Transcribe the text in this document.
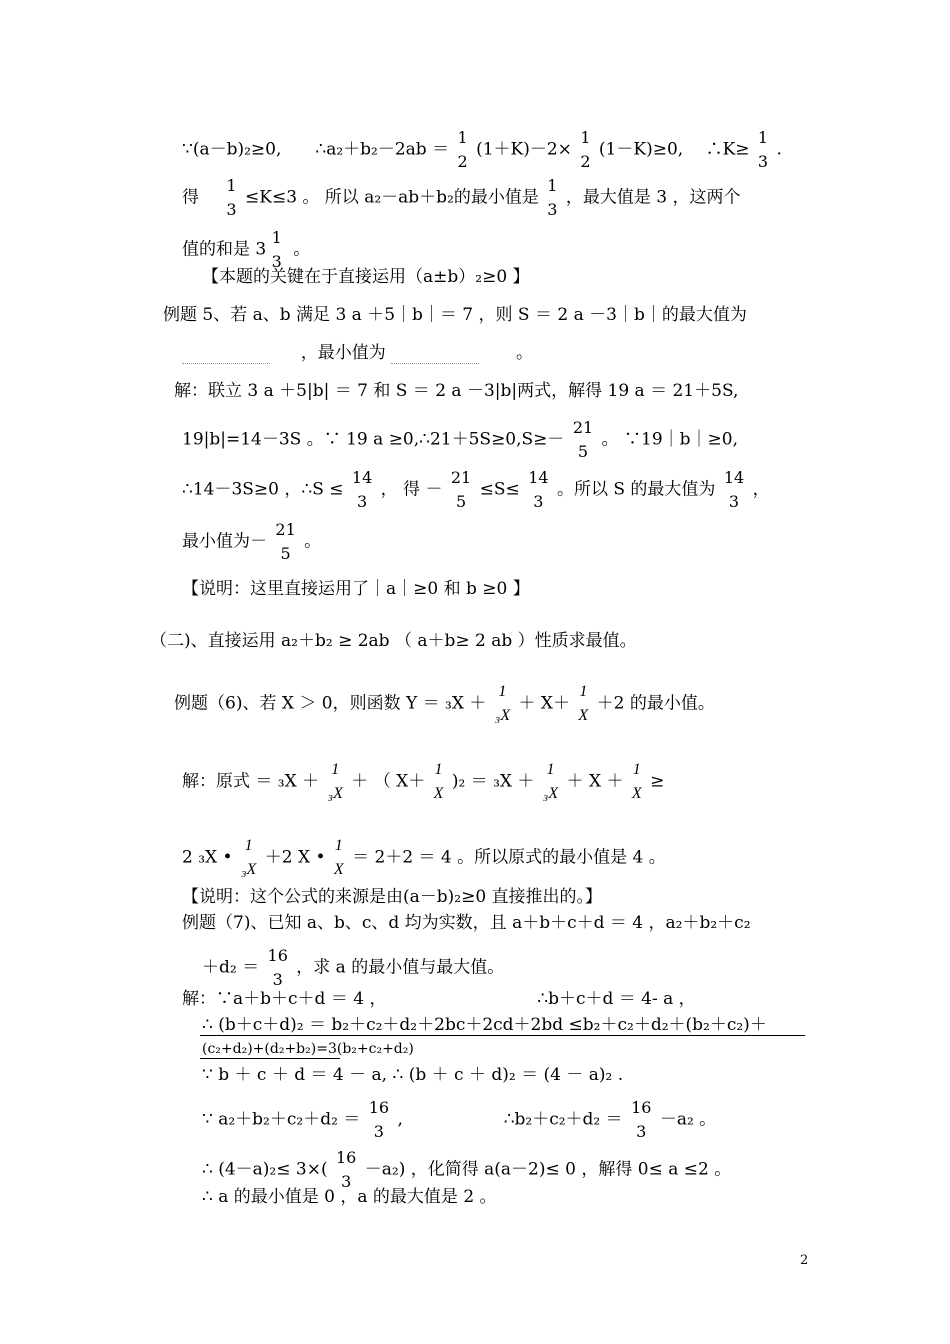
∵(a－b)₂≥0,　　∴a₂＋b₂－2ab ＝
1
2
(1＋K)－2×
1
2
(1－K)≥0,　 ∴K≥
1
3
.
得
1
3
≤K≤3 。 所以 a₂－ab＋b₂的最小值是
1
3
，最大值是 3 ，这两个
值的和是 3
1
3
。
【本题的关键在于直接运用（a±b）₂≥0 】
例题 5、若 a、b 满足 3 a ＋5｜b｜＝ 7 ，则 S ＝ 2 a －3｜b｜的最大值为
，最小值为	。
解：联立 3 a ＋5|b| ＝ 7 和 S ＝ 2 a －3|b|两式，解得 19 a ＝ 21＋5S,
19|b|=14－3S 。∵ 19 a ≥0,∴21＋5S≥0,S≥－
21
5
。 ∵19｜b｜≥0,
∴14－3S≥0 ，∴S ≤
14
3
， 得 －
21
5
≤S≤
14
3
。所以 S 的最大值为
14
3
，
最小值为－
21
5
。
【说明：这里直接运用了｜a｜≥0 和 b ≥0 】
（二)、直接运用 a₂＋b₂ ≥ 2ab （ a＋b≥ 2 ab ）性质求最值。
例题（6)、若 X ＞ 0，则函数 Y ＝ ₃X ＋
1
₃X
＋ X＋
1
X
＋2 的最小值。
解：原式 ＝ ₃X ＋
1
₃X
＋ （ X＋
1
X
)₂ ＝ ₃X ＋
1
₃X
＋ X ＋
1
X
≥
2 ₃X •
1
₃X
＋2 X •
1
X
＝ 2＋2 ＝ 4 。所以原式的最小值是 4 。
【说明：这个公式的来源是由(a－b)₂≥0 直接推出的。】
例题（7)、已知 a、b、c、d 均为实数，且 a＋b＋c＋d ＝ 4 ，a₂＋b₂＋c₂
＋d₂ ＝
16
3
，求 a 的最小值与最大值。
解：∵a＋b＋c＋d ＝ 4 ，	∴b＋c＋d ＝ 4- a ，
∴ (b＋c＋d)₂ ＝ b₂＋c₂＋d₂＋2bc＋2cd＋2bd ≤b₂＋c₂＋d₂＋(b₂＋c₂)＋
(c₂+d₂)+(d₂+b₂)=3(b₂+c₂+d₂)
∵ b ＋ c ＋ d ＝ 4 － a, ∴ (b ＋ c ＋ d)₂ ＝ (4 － a)₂ .
∵ a₂＋b₂＋c₂＋d₂ ＝
16
3
,	∴b₂＋c₂＋d₂ ＝
16
3
－a₂ 。
∴ (4－a)₂≤ 3×(
16
3
－a₂) ，化简得 a(a－2)≤ 0 ，解得 0≤ a ≤2 。
∴ a 的最小值是 0 ，a 的最大值是 2 。
2
